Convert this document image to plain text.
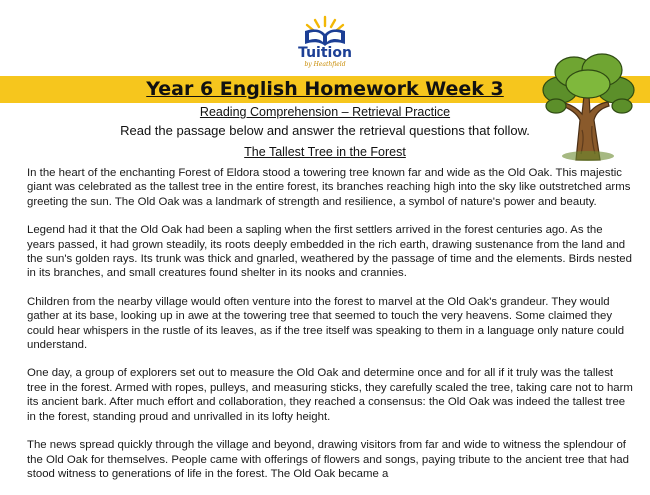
Tuition
by Heathfield
Year 6 English Homework Week 3
Reading Comprehension – Retrieval Practice
Read the passage below and answer the retrieval questions that follow.
The Tallest Tree in the Forest

In the heart of the enchanting Forest of Eldora stood a towering tree known far and wide as the Old Oak. This majestic giant was celebrated as the tallest tree in the entire forest, its branches reaching high into the sky like outstretched arms greeting the sun. The Old Oak was a landmark of strength and resilience, a symbol of nature's power and beauty.

Legend had it that the Old Oak had been a sapling when the first settlers arrived in the forest centuries ago. As the years passed, it had grown steadily, its roots deeply embedded in the rich earth, drawing sustenance from the land and the sun's golden rays. Its trunk was thick and gnarled, weathered by the passage of time and the elements. Birds nested in its branches, and small creatures found shelter in its nooks and crannies.

Children from the nearby village would often venture into the forest to marvel at the Old Oak's grandeur. They would gather at its base, looking up in awe at the towering tree that seemed to touch the very heavens. Some claimed they could hear whispers in the rustle of its leaves, as if the tree itself was speaking to them in a language only nature could understand.

One day, a group of explorers set out to measure the Old Oak and determine once and for all if it truly was the tallest tree in the forest. Armed with ropes, pulleys, and measuring sticks, they carefully scaled the tree, taking care not to harm its ancient bark. After much effort and collaboration, they reached a consensus: the Old Oak was indeed the tallest tree in the forest, standing proud and unrivalled in its lofty height.

The news spread quickly through the village and beyond, drawing visitors from far and wide to witness the splendour of the Old Oak for themselves. People came with offerings of flowers and songs, paying tribute to the ancient tree that had stood witness to generations of life in the forest. The Old Oak became a
